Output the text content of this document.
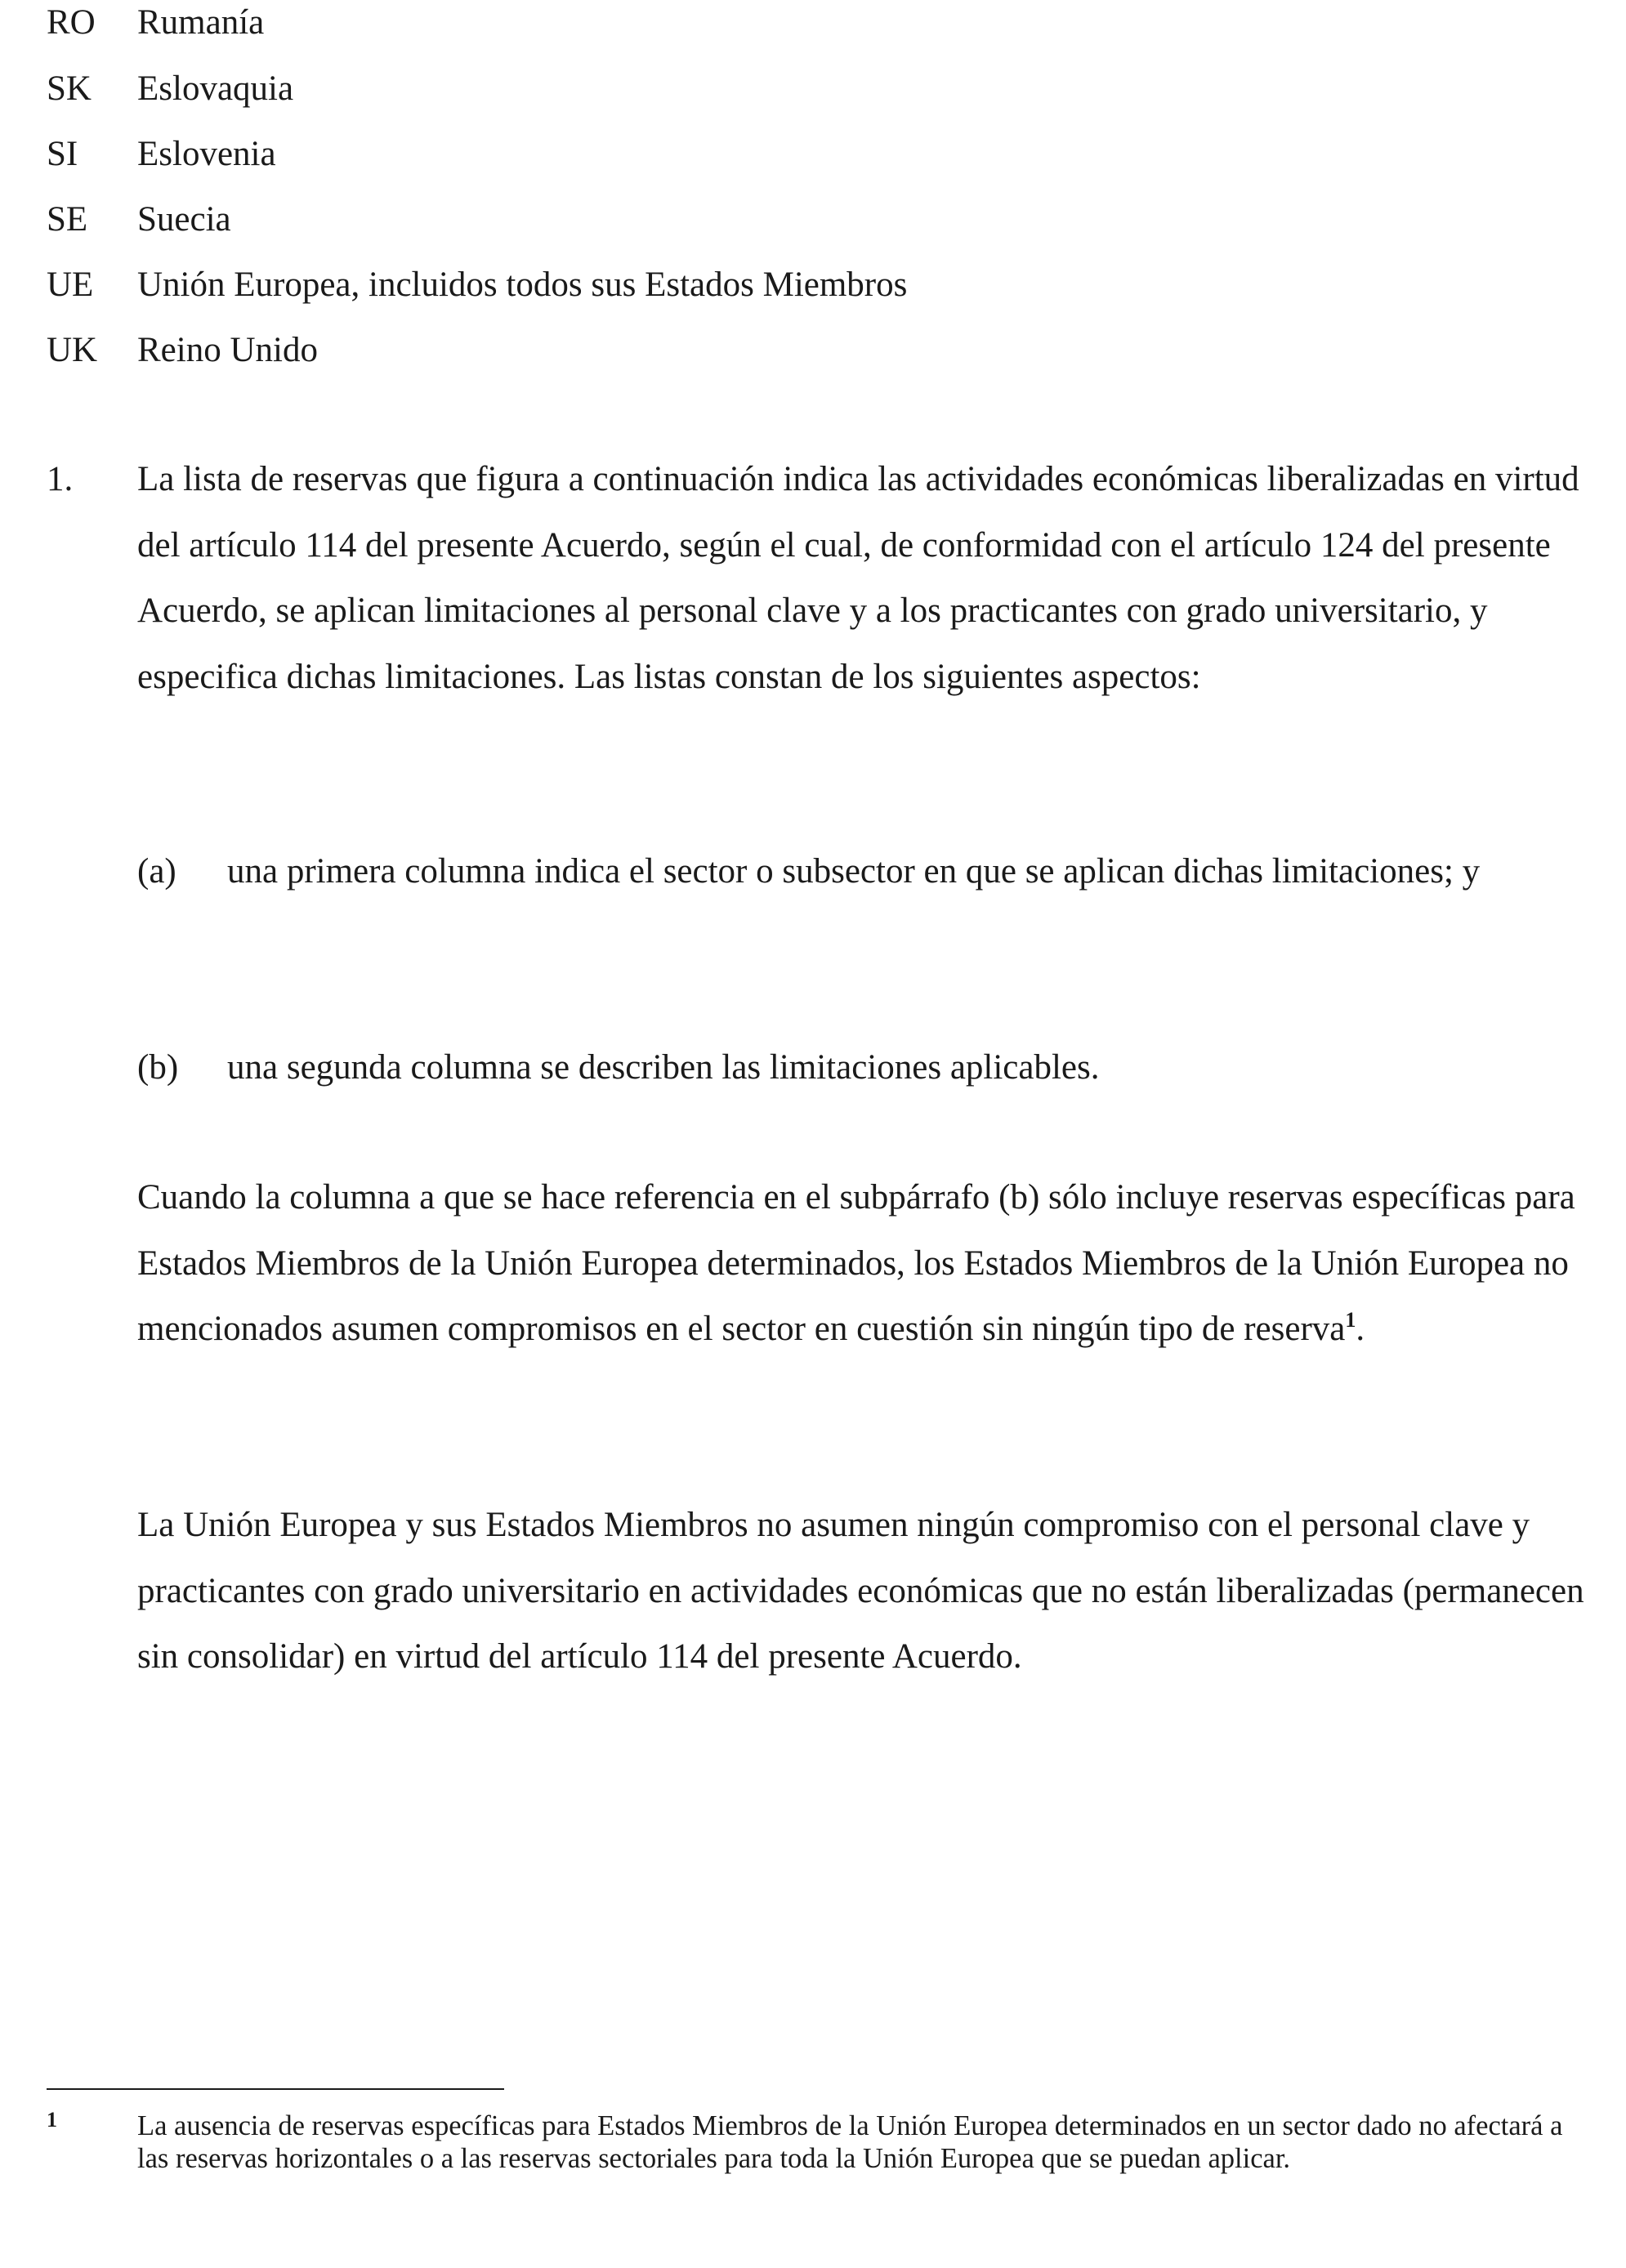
RO Rumanía
SK Eslovaquia
SI Eslovenia
SE Suecia
UE Unión Europea, incluidos todos sus Estados Miembros
UK Reino Unido
1. La lista de reservas que figura a continuación indica las actividades económicas liberalizadas en virtud del artículo 114 del presente Acuerdo, según el cual, de conformidad con el artículo 124 del presente Acuerdo, se aplican limitaciones al personal clave y a los practicantes con grado universitario, y especifica dichas limitaciones. Las listas constan de los siguientes aspectos:
(a) una primera columna indica el sector o subsector en que se aplican dichas limitaciones; y
(b) una segunda columna se describen las limitaciones aplicables.
Cuando la columna a que se hace referencia en el subpárrafo (b) sólo incluye reservas específicas para Estados Miembros de la Unión Europea determinados, los Estados Miembros de la Unión Europea no mencionados asumen compromisos en el sector en cuestión sin ningún tipo de reserva$^1$.
La Unión Europea y sus Estados Miembros no asumen ningún compromiso con el personal clave y practicantes con grado universitario en actividades económicas que no están liberalizadas (permanecen sin consolidar) en virtud del artículo 114 del presente Acuerdo.
1	La ausencia de reservas específicas para Estados Miembros de la Unión Europea determinados en un sector dado no afectará a las reservas horizontales o a las reservas sectoriales para toda la Unión Europea que se puedan aplicar.
